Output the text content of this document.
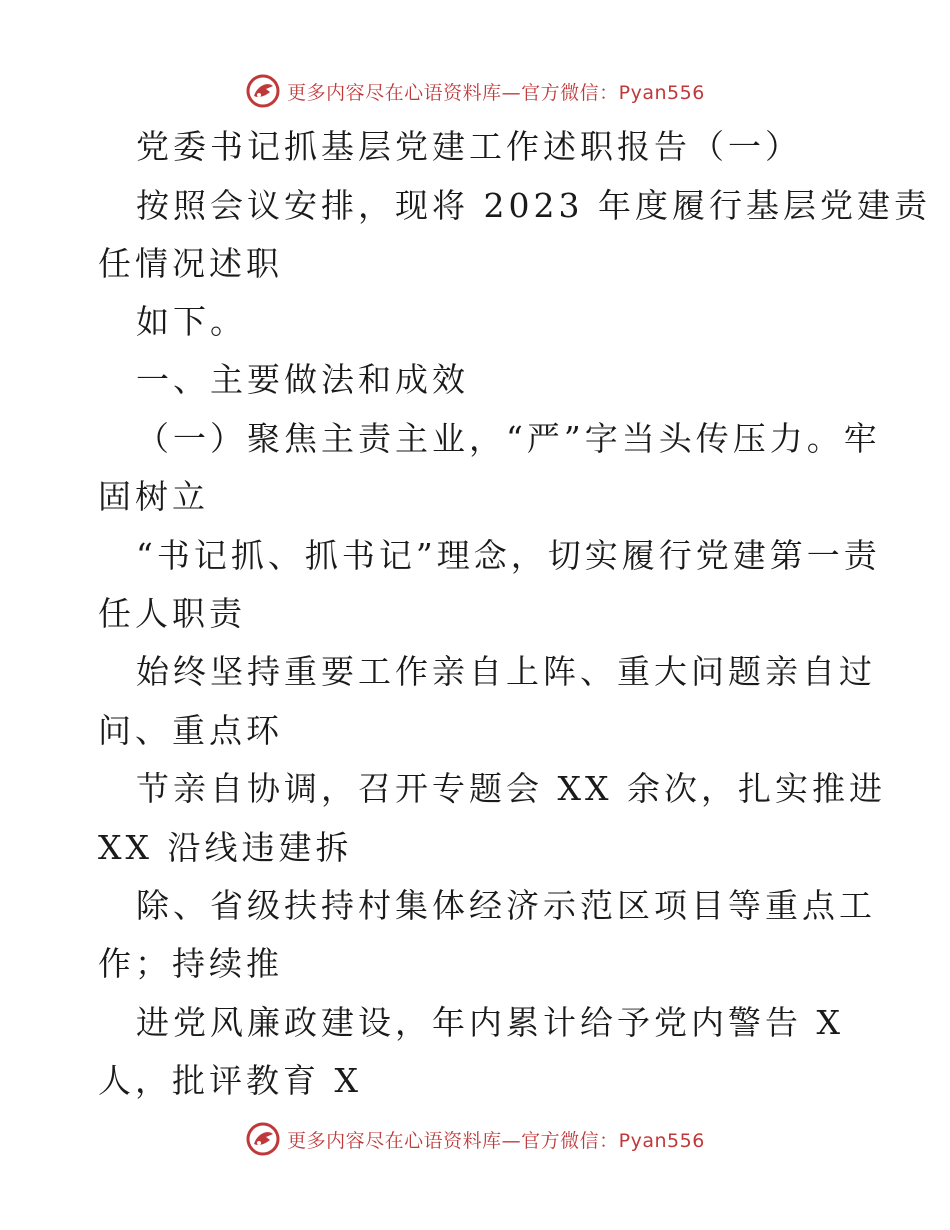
更多内容尽在心语资料库—官方微信：Pyan556
党委书记抓基层党建工作述职报告（一）
按照会议安排，现将 2023 年度履行基层党建责
任情况述职
如下。
一、主要做法和成效
（一）聚焦主责主业，“严”字当头传压力。牢
固树立
“书记抓、抓书记”理念，切实履行党建第一责
任人职责
始终坚持重要工作亲自上阵、重大问题亲自过
问、重点环
节亲自协调，召开专题会 XX 余次，扎实推进
XX 沿线违建拆
除、省级扶持村集体经济示范区项目等重点工
作；持续推
进党风廉政建设，年内累计给予党内警告 X
人，批评教育 X
更多内容尽在心语资料库—官方微信：Pyan556
